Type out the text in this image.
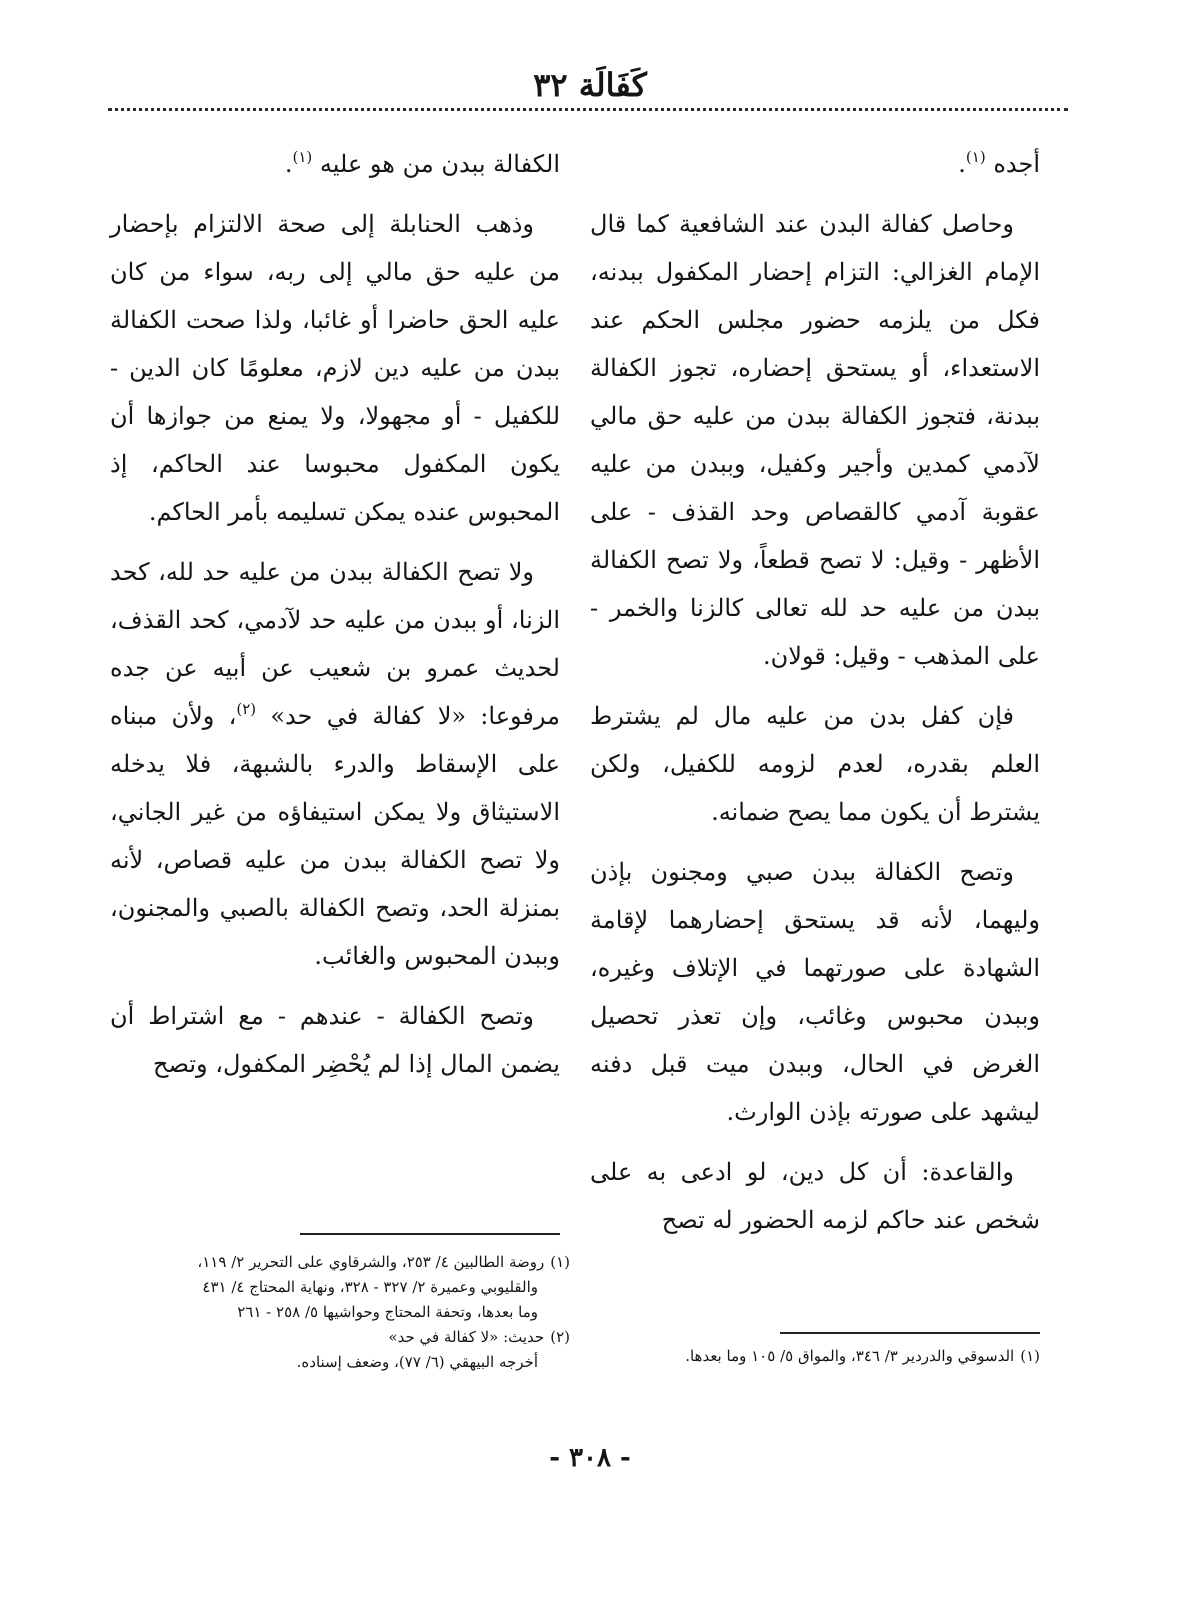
كَفَالَة ٣٢

أجده $^{(١)}$.

وحاصل كفالة البدن عند الشافعية كما قال الإمام الغزالي: التزام إحضار المكفول ببدنه، فكل من يلزمه حضور مجلس الحكم عند الاستعداء، أو يستحق إحضاره، تجوز الكفالة ببدنة، فتجوز الكفالة ببدن من عليه حق مالي لآدمي كمدين وأجير وكفيل، وببدن من عليه عقوبة آدمي كالقصاص وحد القذف - على الأظهر - وقيل: لا تصح قطعاً، ولا تصح الكفالة ببدن من عليه حد لله تعالى كالزنا والخمر - على المذهب - وقيل: قولان.

فإن كفل بدن من عليه مال لم يشترط العلم بقدره، لعدم لزومه للكفيل، ولكن يشترط أن يكون مما يصح ضمانه.

وتصح الكفالة ببدن صبي ومجنون بإذن وليهما، لأنه قد يستحق إحضارهما لإقامة الشهادة على صورتهما في الإتلاف وغيره، وببدن محبوس وغائب، وإن تعذر تحصيل الغرض في الحال، وببدن ميت قبل دفنه ليشهد على صورته بإذن الوارث.

والقاعدة: أن كل دين، لو ادعى به على شخص عند حاكم لزمه الحضور له تصح

الكفالة ببدن من هو عليه $^{(١)}$.

وذهب الحنابلة إلى صحة الالتزام بإحضار من عليه حق مالي إلى ربه، سواء من كان عليه الحق حاضرا أو غائبا، ولذا صحت الكفالة ببدن من عليه دين لازم، معلومًا كان الدين - للكفيل - أو مجهولا، ولا يمنع من جوازها أن يكون المكفول محبوسا عند الحاكم، إذ المحبوس عنده يمكن تسليمه بأمر الحاكم.

ولا تصح الكفالة ببدن من عليه حد لله، كحد الزنا، أو ببدن من عليه حد لآدمي، كحد القذف، لحديث عمرو بن شعيب عن أبيه عن جده مرفوعا: «لا كفالة في حد» $^{(٢)}$، ولأن مبناه على الإسقاط والدرء بالشبهة، فلا يدخله الاستيثاق ولا يمكن استيفاؤه من غير الجاني، ولا تصح الكفالة ببدن من عليه قصاص، لأنه بمنزلة الحد، وتصح الكفالة بالصبي والمجنون، وببدن المحبوس والغائب.

وتصح الكفالة - عندهم - مع اشتراط أن يضمن المال إذا لم يُحْضِر المكفول، وتصح

(١)الدسوقي والدردير ٣/ ٣٤٦، والمواق ٥/ ١٠٥ وما بعدها.

(١)روضة الطالبين ٤/ ٢٥٣، والشرقاوي على التحرير ٢/ ١١٩،

والقليوبي وعميرة ٢/ ٣٢٧ - ٣٢٨، ونهاية المحتاج ٤/ ٤٣١

وما بعدها، وتحفة المحتاج وحواشيها ٥/ ٢٥٨ - ٢٦١

(٢)حديث: «لا كفالة في حد»

أخرجه البيهقي (٦/ ٧٧)، وضعف إسناده.

- ٣٠٨ -
